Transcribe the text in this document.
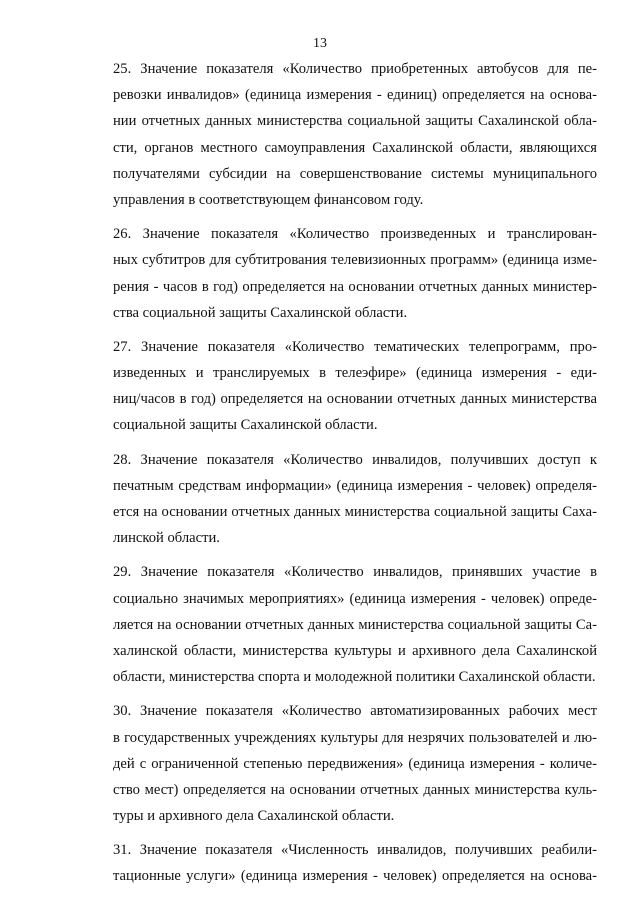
13
25. Значение показателя «Количество приобретенных автобусов для пе-
ревозки инвалидов» (единица измерения - единиц) определяется на основа-
нии отчетных данных министерства социальной защиты Сахалинской обла-
сти, органов местного самоуправления Сахалинской области, являющихся
получателями субсидии на совершенствование системы муниципального
управления в соответствующем финансовом году.
26. Значение показателя «Количество произведенных и транслирован-
ных субтитров для субтитрования телевизионных программ» (единица изме-
рения - часов в год) определяется на основании отчетных данных министер-
ства социальной защиты Сахалинской области.
27. Значение показателя «Количество тематических телепрограмм, про-
изведенных и транслируемых в телеэфире» (единица измерения - еди-
ниц/часов в год) определяется на основании отчетных данных министерства
социальной защиты Сахалинской области.
28. Значение показателя «Количество инвалидов, получивших доступ к
печатным средствам информации» (единица измерения - человек) определя-
ется на основании отчетных данных министерства социальной защиты Саха-
линской области.
29. Значение показателя «Количество инвалидов, принявших участие в
социально значимых мероприятиях» (единица измерения - человек) опреде-
ляется на основании отчетных данных министерства социальной защиты Са-
халинской области, министерства культуры и архивного дела Сахалинской
области, министерства спорта и молодежной политики Сахалинской области.
30. Значение показателя «Количество автоматизированных рабочих мест
в государственных учреждениях культуры для незрячих пользователей и лю-
дей с ограниченной степенью передвижения» (единица измерения - количе-
ство мест) определяется на основании отчетных данных министерства куль-
туры и архивного дела Сахалинской области.
31. Значение показателя «Численность инвалидов, получивших реабили-
тационные услуги» (единица измерения - человек) определяется на основа-
